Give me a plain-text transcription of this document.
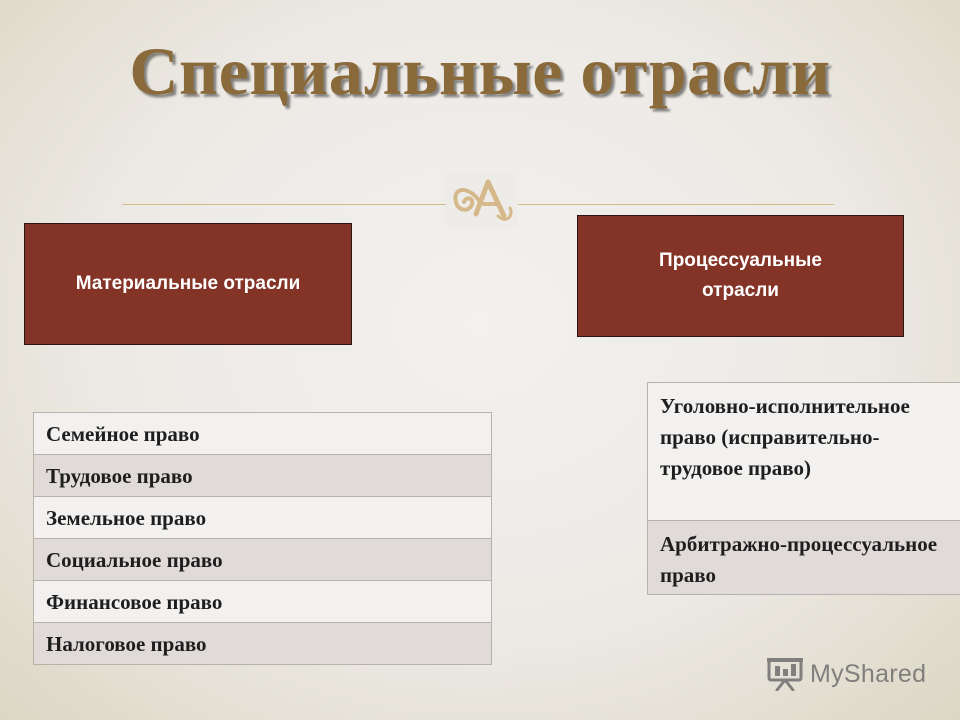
Специальные отрасли
Материальные отрасли
Процессуальные отрасли
Семейное право
Трудовое право
Земельное право
Социальное право
Финансовое право
Налоговое право
Уголовно-исполнительное право (исправительно-трудовое право)
Арбитражно-процессуальное право
MyShared
